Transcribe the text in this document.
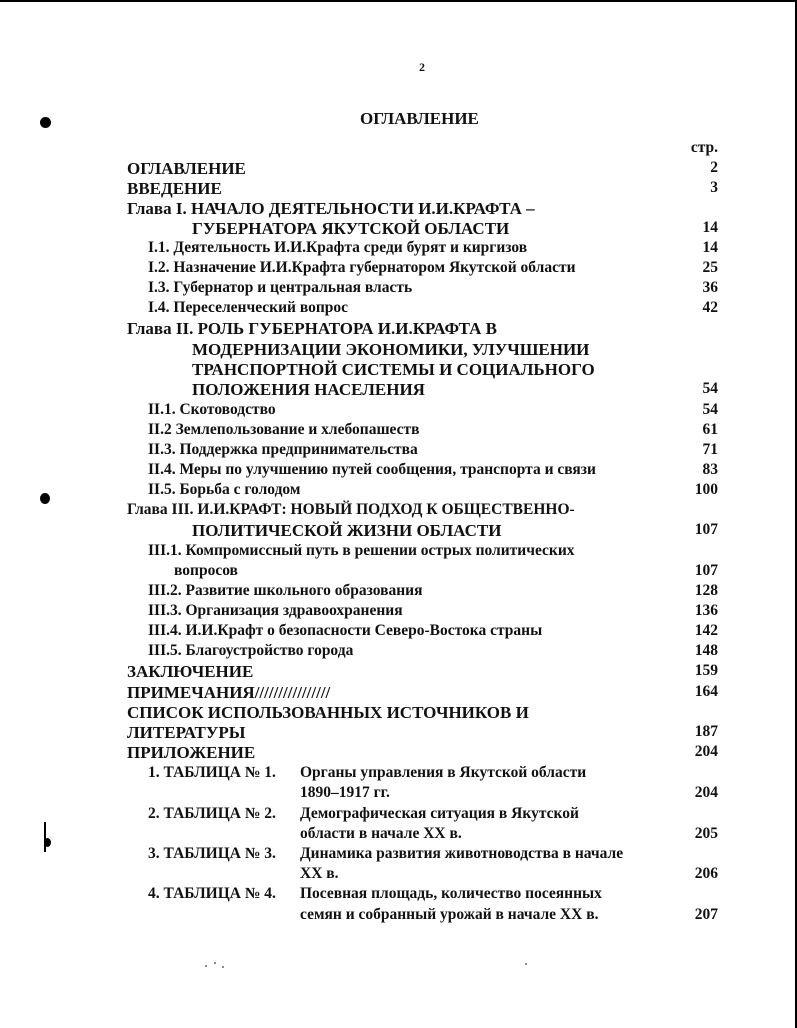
2
ОГЛАВЛЕНИЕ
стр.
ОГЛАВЛЕНИЕ	2
ВВЕДЕНИЕ	3
Глава I. НАЧАЛО ДЕЯТЕЛЬНОСТИ И.И.КРАФТА –
ГУБЕРНАТОРА ЯКУТСКОЙ ОБЛАСТИ	14
I.1. Деятельность И.И.Крафта среди бурят и киргизов	14
I.2. Назначение И.И.Крафта губернатором Якутской области	25
I.3. Губернатор и центральная власть	36
I.4. Переселенческий вопрос	42
Глава II. РОЛЬ ГУБЕРНАТОРА И.И.КРАФТА В
МОДЕРНИЗАЦИИ ЭКОНОМИКИ, УЛУЧШЕНИИ
ТРАНСПОРТНОЙ СИСТЕМЫ И СОЦИАЛЬНОГО
ПОЛОЖЕНИЯ НАСЕЛЕНИЯ	54
II.1. Скотоводство	54
II.2 Землепользование и хлебопашеств	61
II.3. Поддержка предпринимательства	71
II.4. Меры по улучшению путей сообщения, транспорта и связи	83
II.5. Борьба с голодом	100
Глава III. И.И.КРАФТ: НОВЫЙ ПОДХОД К ОБЩЕСТВЕННО-
ПОЛИТИЧЕСКОЙ ЖИЗНИ ОБЛАСТИ	107
III.1. Компромиссный путь в решении острых политических
вопросов	107
III.2. Развитие школьного образования	128
III.3. Организация здравоохранения	136
III.4. И.И.Крафт о безопасности Северо-Востока страны	142
III.5. Благоустройство города	148
ЗАКЛЮЧЕНИЕ	159
ПРИМЕЧАНИЯ////////////////	164
СПИСОК ИСПОЛЬЗОВАННЫХ ИСТОЧНИКОВ И
ЛИТЕРАТУРЫ	187
ПРИЛОЖЕНИЕ	204
1. ТАБЛИЦА № 1. Органы управления в Якутской области
1890–1917 гг.	204
2. ТАБЛИЦА № 2. Демографическая ситуация в Якутской
области в начале XX в.	205
3. ТАБЛИЦА № 3. Динамика развития животноводства в начале
XX в.	206
4. ТАБЛИЦА № 4. Посевная площадь, количество посеянных
семян и собранный урожай в начале XX в.	207
